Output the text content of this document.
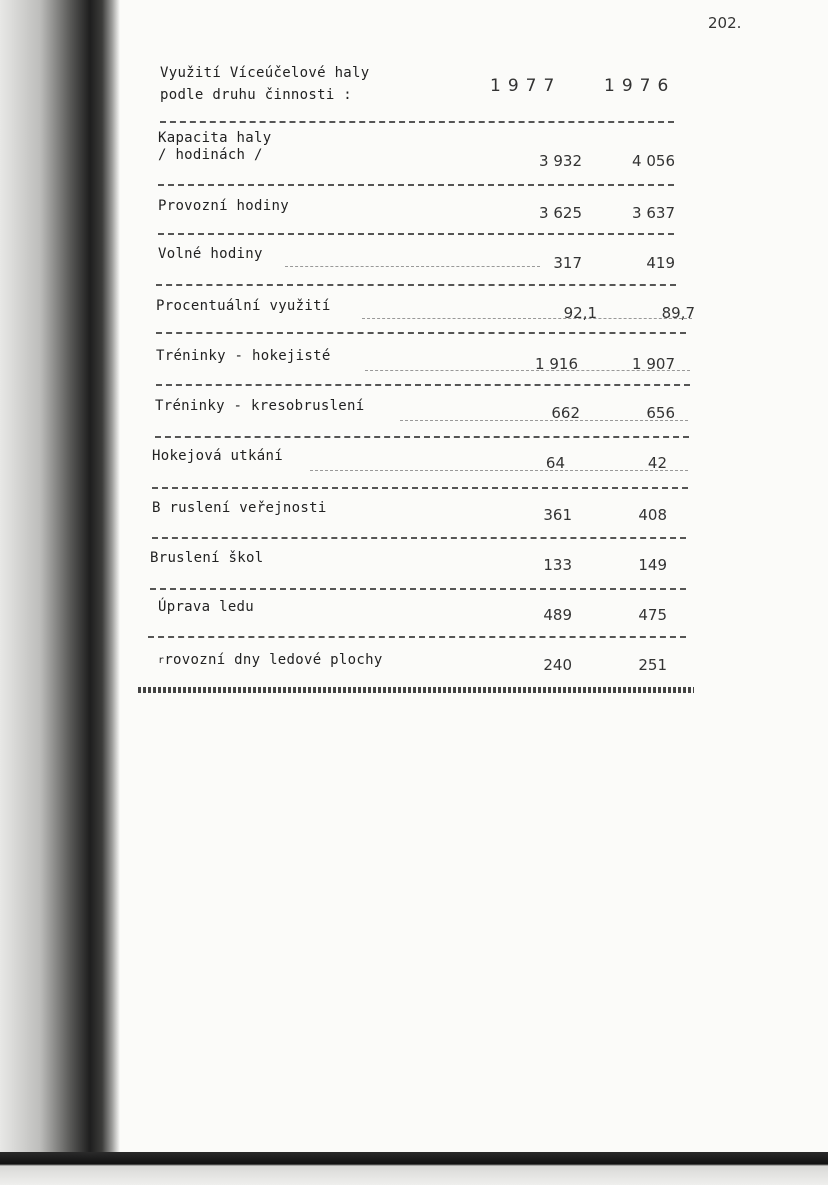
202.
Využití Víceúčelové haly
podle druhu činnosti :	1977	1976
Kapacita haly
/ hodinách /	3 932	4 056
Provozní hodiny	3 625	3 637
Volné hodiny	317	419
Procentuální využití	92,1	89,7
Tréninky - hokejisté	1 916	1 907
Tréninky - kresobruslení	662	656
Hokejová utkání	64	42
B ruslení veřejnosti	361	408
Bruslení škol	133	149
Úprava ledu	489	475
$^r$rovozní dny ledové plochy	240	251
